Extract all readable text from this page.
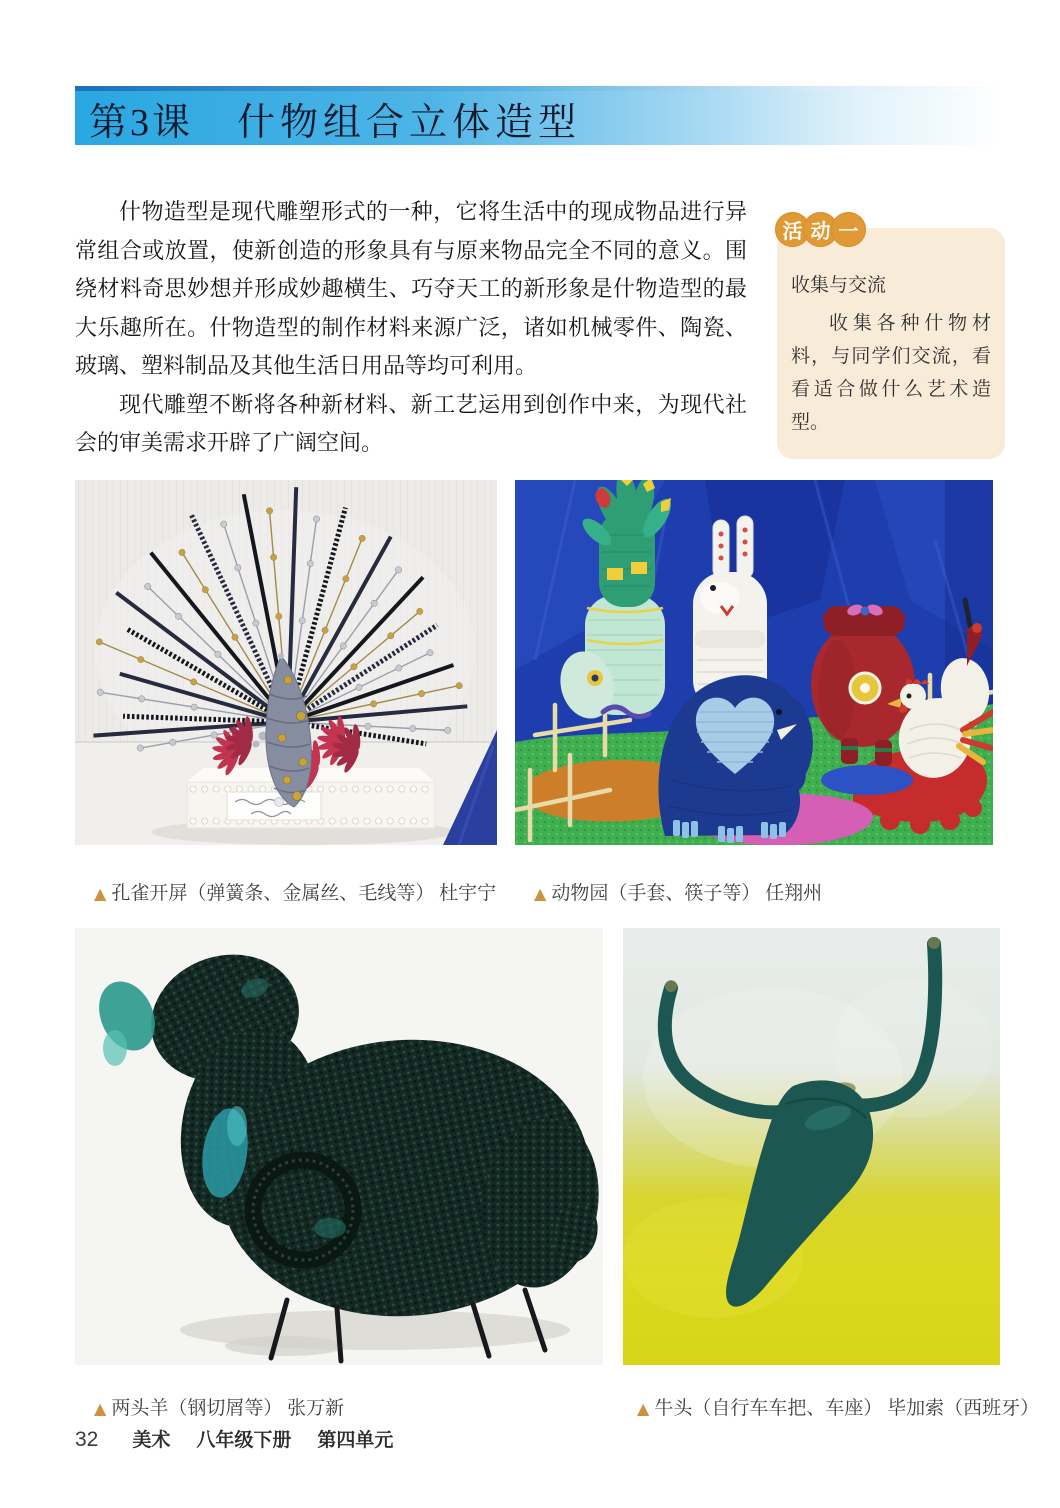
第3课 什物组合立体造型

什物造型是现代雕塑形式的一种，它将生活中的现成物品进行异常组合或放置，使新创造的形象具有与原来物品完全不同的意义。围绕材料奇思妙想并形成妙趣横生、巧夺天工的新形象是什物造型的最大乐趣所在。什物造型的制作材料来源广泛，诸如机械零件、陶瓷、玻璃、塑料制品及其他生活日用品等均可利用。

现代雕塑不断将各种新材料、新工艺运用到创作中来，为现代社会的审美需求开辟了广阔空间。

活 动 一
收集与交流

收集各种什物材料，与同学们交流，看看适合做什么艺术造型。

▲ 孔雀开屏（弹簧条、金属丝、毛线等） 杜宇宁
	▲ 动物园（手套、筷子等） 任翔州

▲ 两头羊（钢切屑等） 张万新
	▲ 牛头（自行车车把、车座） 毕加索（西班牙）

32 美术 八年级下册 第四单元
